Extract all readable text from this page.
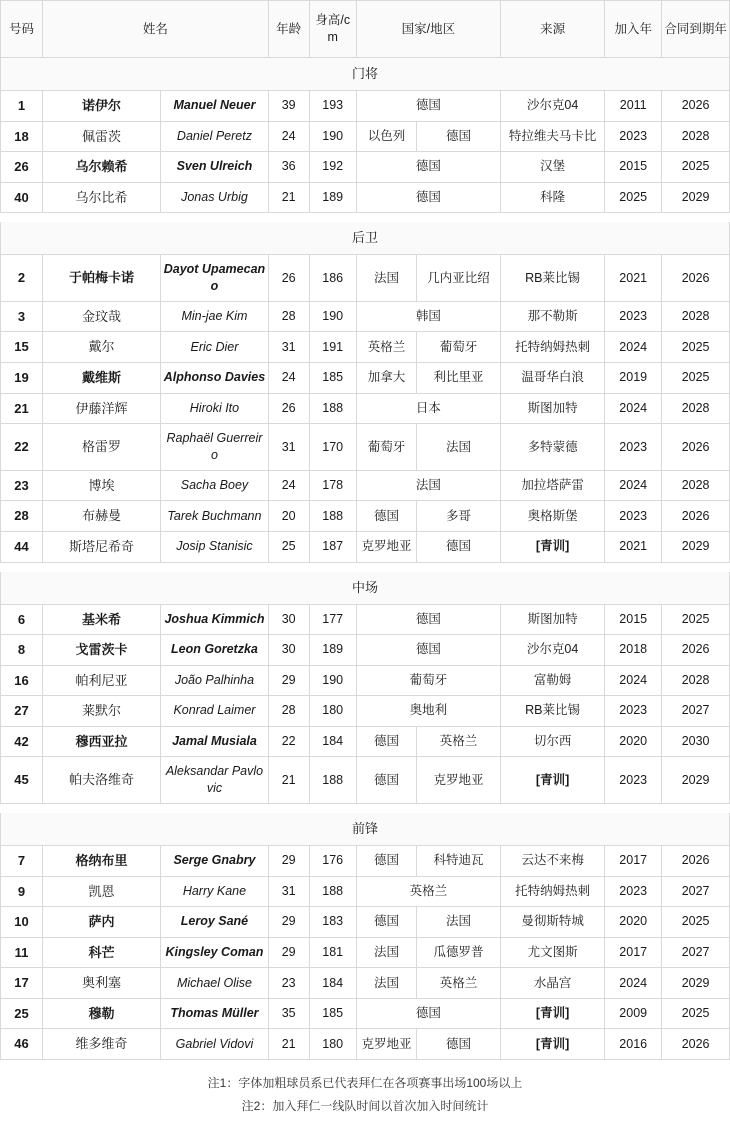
号码	姓名		年龄	身高/cm	国家/地区		来源	加入年	合同到期年
门将									
1	诺伊尔	Manuel Neuer	39	193	德国		沙尔克04	2011	2026
18	佩雷茨	Daniel Peretz	24	190	以色列	德国	特拉维夫马卡比	2023	2028
26	乌尔赖希	Sven Ulreich	36	192	德国		汉堡	2015	2025
40	乌尔比希	Jonas Urbig	21	189	德国		科隆	2025	2029

后卫									
2	于帕梅卡诺	Dayot Upamecano	26	186	法国	几内亚比绍	RB莱比锡	2021	2026
3	金玟哉	Min-jae Kim	28	190	韩国		那不勒斯	2023	2028
15	戴尔	Eric Dier	31	191	英格兰	葡萄牙	托特纳姆热刺	2024	2025
19	戴维斯	Alphonso Davies	24	185	加拿大	利比里亚	温哥华白浪	2019	2025
21	伊藤洋辉	Hiroki Ito	26	188	日本		斯图加特	2024	2028
22	格雷罗	Raphaël Guerreiro	31	170	葡萄牙	法国	多特蒙德	2023	2026
23	博埃	Sacha Boey	24	178	法国		加拉塔萨雷	2024	2028
28	布赫曼	Tarek Buchmann	20	188	德国	多哥	奥格斯堡	2023	2026
44	斯塔尼希奇	Josip Stanisic	25	187	克罗地亚	德国	[青训]	2021	2029

中场									
6	基米希	Joshua Kimmich	30	177	德国		斯图加特	2015	2025
8	戈雷茨卡	Leon Goretzka	30	189	德国		沙尔克04	2018	2026
16	帕利尼亚	João Palhinha	29	190	葡萄牙		富勒姆	2024	2028
27	莱默尔	Konrad Laimer	28	180	奥地利		RB莱比锡	2023	2027
42	穆西亚拉	Jamal Musiala	22	184	德国	英格兰	切尔西	2020	2030
45	帕夫洛维奇	Aleksandar Pavlovic	21	188	德国	克罗地亚	[青训]	2023	2029

前锋									
7	格纳布里	Serge Gnabry	29	176	德国	科特迪瓦	云达不来梅	2017	2026
9	凯恩	Harry Kane	31	188	英格兰		托特纳姆热刺	2023	2027
10	萨内	Leroy Sané	29	183	德国	法国	曼彻斯特城	2020	2025
11	科芒	Kingsley Coman	29	181	法国	瓜德罗普	尤文图斯	2017	2027
17	奥利塞	Michael Olise	23	184	法国	英格兰	水晶宫	2024	2029
25	穆勒	Thomas Müller	35	185	德国		[青训]	2009	2025
46	维多维奇	Gabriel Vidovi	21	180	克罗地亚	德国	[青训]	2016	2026
注1：字体加粗球员系已代表拜仁在各项赛事出场100场以上
注2：加入拜仁一线队时间以首次加入时间统计
